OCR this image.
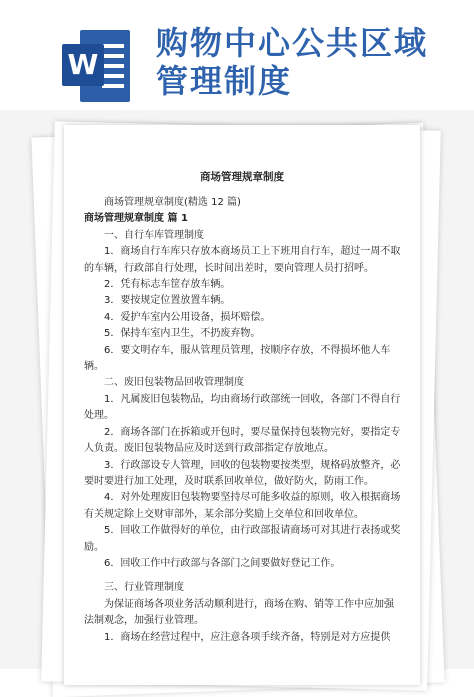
W
购物中心公共区域
管理制度
商场管理规章制度

商场管理规章制度(精选 12 篇)

商场管理规章制度 篇 1

一、自行车库管理制度

1．商场自行车库只存放本商场员工上下班用自行车，超过一周不取的车辆，行政部自行处理，长时间出差时，要向管理人员打招呼。

2．凭有标志车筐存放车辆。

3．要按规定位置放置车辆。

4．爱护车室内公用设备，损坏赔偿。

5．保持车室内卫生，不扔废弃物。

6．要文明存车，服从管理员管理，按顺序存放，不得损坏他人车辆。

二、废旧包装物品回收管理制度

1．凡属废旧包装物品，均由商场行政部统一回收，各部门不得自行处理。

2．商场各部门在拆箱或开包时，要尽量保持包装物完好，要指定专人负责。废旧包装物品应及时送到行政部指定存放地点。

3．行政部设专人管理，回收的包装物要按类型，规格码放整齐，必要时要进行加工处理，及时联系回收单位，做好防火，防雨工作。

4．对外处理废旧包装物要坚持尽可能多收益的原则，收入根据商场有关规定除上交财审部外，某余部分奖励上交单位和回收单位。

5．回收工作做得好的单位，由行政部报请商场可对其进行表扬或奖励。

6．回收工作中行政部与各部门之间要做好登记工作。

三、行业管理制度

为保证商场各项业务活动顺利进行，商场在购、销等工作中应加强法制观念，加强行业管理。

1．商场在经营过程中，应注意各项手续齐备，特别是对方应提供
